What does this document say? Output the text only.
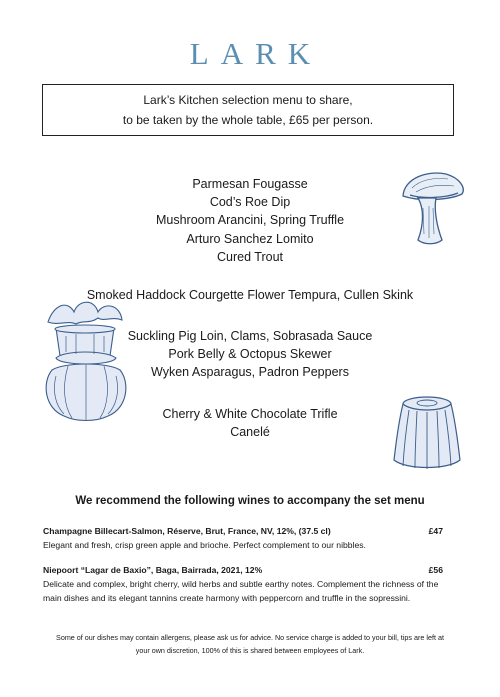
LARK
Lark’s Kitchen selection menu to share,
to be taken by the whole table, £65 per person.
Parmesan Fougasse
Cod’s Roe Dip
Mushroom Arancini, Spring Truffle
Arturo Sanchez Lomito
Cured Trout
Smoked Haddock Courgette Flower Tempura, Cullen Skink
Suckling Pig Loin, Clams, Sobrasada Sauce
Pork Belly & Octopus Skewer
Wyken Asparagus, Padron Peppers
Cherry & White Chocolate Trifle
Canelé
We recommend the following wines to accompany the set menu
Champagne Billecart-Salmon, Réserve, Brut, France, NV, 12%, (37.5 cl)	£47
Elegant and fresh, crisp green apple and brioche. Perfect complement to our nibbles.
Niepoort “Lagar de Baxio”, Baga, Bairrada, 2021, 12%	£56
Delicate and complex, bright cherry, wild herbs and subtle earthy notes. Complement the richness of the
main dishes and its elegant tannins create harmony with peppercorn and truffle in the sopressini.
Some of our dishes may contain allergens, please ask us for advice. No service charge is added to your bill, tips are left at
your own discretion, 100% of this is shared between employees of Lark.
